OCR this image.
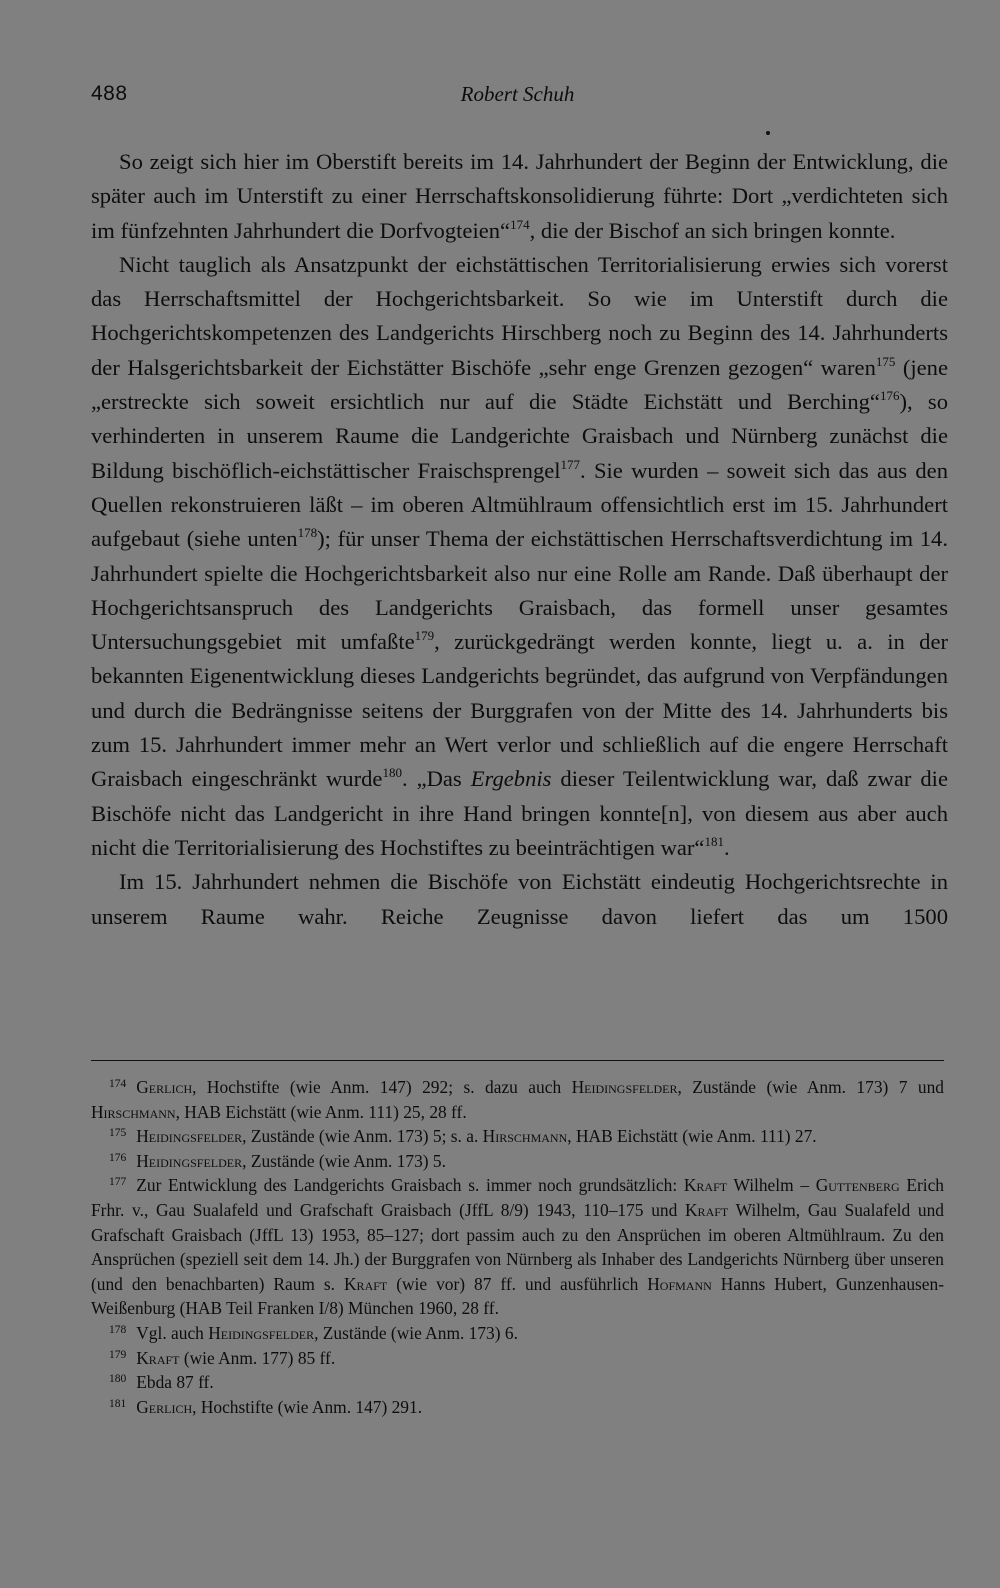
488	Robert Schuh

So zeigt sich hier im Oberstift bereits im 14. Jahrhundert der Beginn der Entwicklung, die später auch im Unterstift zu einer Herrschaftskonsolidierung führte: Dort „verdichteten sich im fünfzehnten Jahrhundert die Dorfvogteien“$^{174}$, die der Bischof an sich bringen konnte.

Nicht tauglich als Ansatzpunkt der eichstättischen Territorialisierung erwies sich vorerst das Herrschaftsmittel der Hochgerichtsbarkeit. So wie im Unterstift durch die Hochgerichtskompetenzen des Landgerichts Hirschberg noch zu Beginn des 14. Jahrhunderts der Halsgerichtsbarkeit der Eichstätter Bischöfe „sehr enge Grenzen gezogen“ waren$^{175}$ (jene „erstreckte sich soweit ersichtlich nur auf die Städte Eichstätt und Berching“$^{176}$), so verhinderten in unserem Raume die Landgerichte Graisbach und Nürnberg zunächst die Bildung bischöflich-eichstättischer Fraischsprengel$^{177}$. Sie wurden – soweit sich das aus den Quellen rekonstruieren läßt – im oberen Altmühlraum offensichtlich erst im 15. Jahrhundert aufgebaut (siehe unten$^{178}$); für unser Thema der eichstättischen Herrschaftsverdichtung im 14. Jahrhundert spielte die Hochgerichtsbarkeit also nur eine Rolle am Rande. Daß überhaupt der Hochgerichtsanspruch des Landgerichts Graisbach, das formell unser gesamtes Untersuchungsgebiet mit umfaßte$^{179}$, zurückgedrängt werden konnte, liegt u. a. in der bekannten Eigenentwicklung dieses Landgerichts begründet, das aufgrund von Verpfändungen und durch die Bedrängnisse seitens der Burggrafen von der Mitte des 14. Jahrhunderts bis zum 15. Jahrhundert immer mehr an Wert verlor und schließlich auf die engere Herrschaft Graisbach eingeschränkt wurde$^{180}$. „Das Ergebnis dieser Teilentwicklung war, daß zwar die Bischöfe nicht das Landgericht in ihre Hand bringen konnte[n], von diesem aus aber auch nicht die Territorialisierung des Hochstiftes zu beeinträchtigen war“$^{181}$.

Im 15. Jahrhundert nehmen die Bischöfe von Eichstätt eindeutig Hochgerichtsrechte in unserem Raume wahr. Reiche Zeugnisse davon liefert das um 1500

$^{174}$ Gerlich, Hochstifte (wie Anm. 147) 292; s. dazu auch Heidingsfelder, Zustände (wie Anm. 173) 7 und Hirschmann, HAB Eichstätt (wie Anm. 111) 25, 28 ff.

$^{175}$ Heidingsfelder, Zustände (wie Anm. 173) 5; s. a. Hirschmann, HAB Eichstätt (wie Anm. 111) 27.

$^{176}$ Heidingsfelder, Zustände (wie Anm. 173) 5.

$^{177}$ Zur Entwicklung des Landgerichts Graisbach s. immer noch grundsätzlich: Kraft Wilhelm – Guttenberg Erich Frhr. v., Gau Sualafeld und Grafschaft Graisbach (JffL 8/9) 1943, 110–175 und Kraft Wilhelm, Gau Sualafeld und Grafschaft Graisbach (JffL 13) 1953, 85–127; dort passim auch zu den Ansprüchen im oberen Altmühlraum. Zu den Ansprüchen (speziell seit dem 14. Jh.) der Burggrafen von Nürnberg als Inhaber des Landgerichts Nürnberg über unseren (und den benachbarten) Raum s. Kraft (wie vor) 87 ff. und ausführlich Hofmann Hanns Hubert, Gunzenhausen-Weißenburg (HAB Teil Franken I/8) München 1960, 28 ff.

$^{178}$ Vgl. auch Heidingsfelder, Zustände (wie Anm. 173) 6.

$^{179}$ Kraft (wie Anm. 177) 85 ff.

$^{180}$ Ebda 87 ff.

$^{181}$ Gerlich, Hochstifte (wie Anm. 147) 291.
